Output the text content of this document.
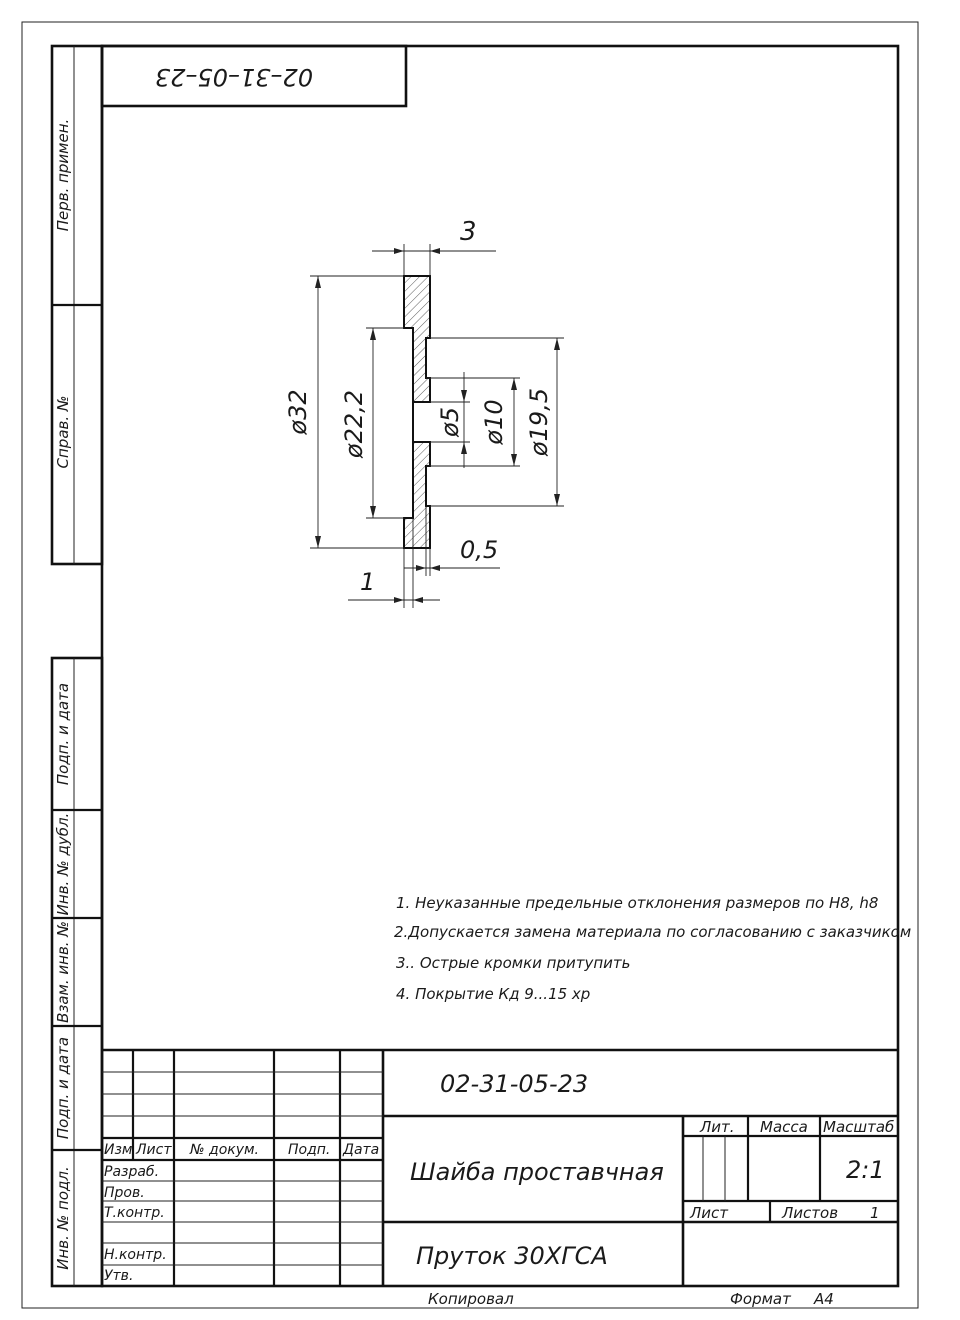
Перв. примен.
Справ. №
Подп. и дата
Инв. № дубл.
Взам. инв. №
Подп. и дата
Инв. № подл.
02–31–05–23
3
ø32 ø22,2	ø5 ø10 ø19,5
0,5
1
1. Неуказанные предельные отклонения размеров по H8, h8
2.Допускается замена материала по согласованию с заказчиком
3.. Острые кромки притупить
4. Покрытие Кд 9...15 хр
Изм Лист № докум. Подп. Дата
Разраб.
Пров.
Т.контр.
Н.контр.
Утв.
02-31-05-23
Шайба проставчная
Пруток 30ХГСА
Лит. Масса Масштаб
2:1
Лист	Листов 1
Копировал	Формат A4
